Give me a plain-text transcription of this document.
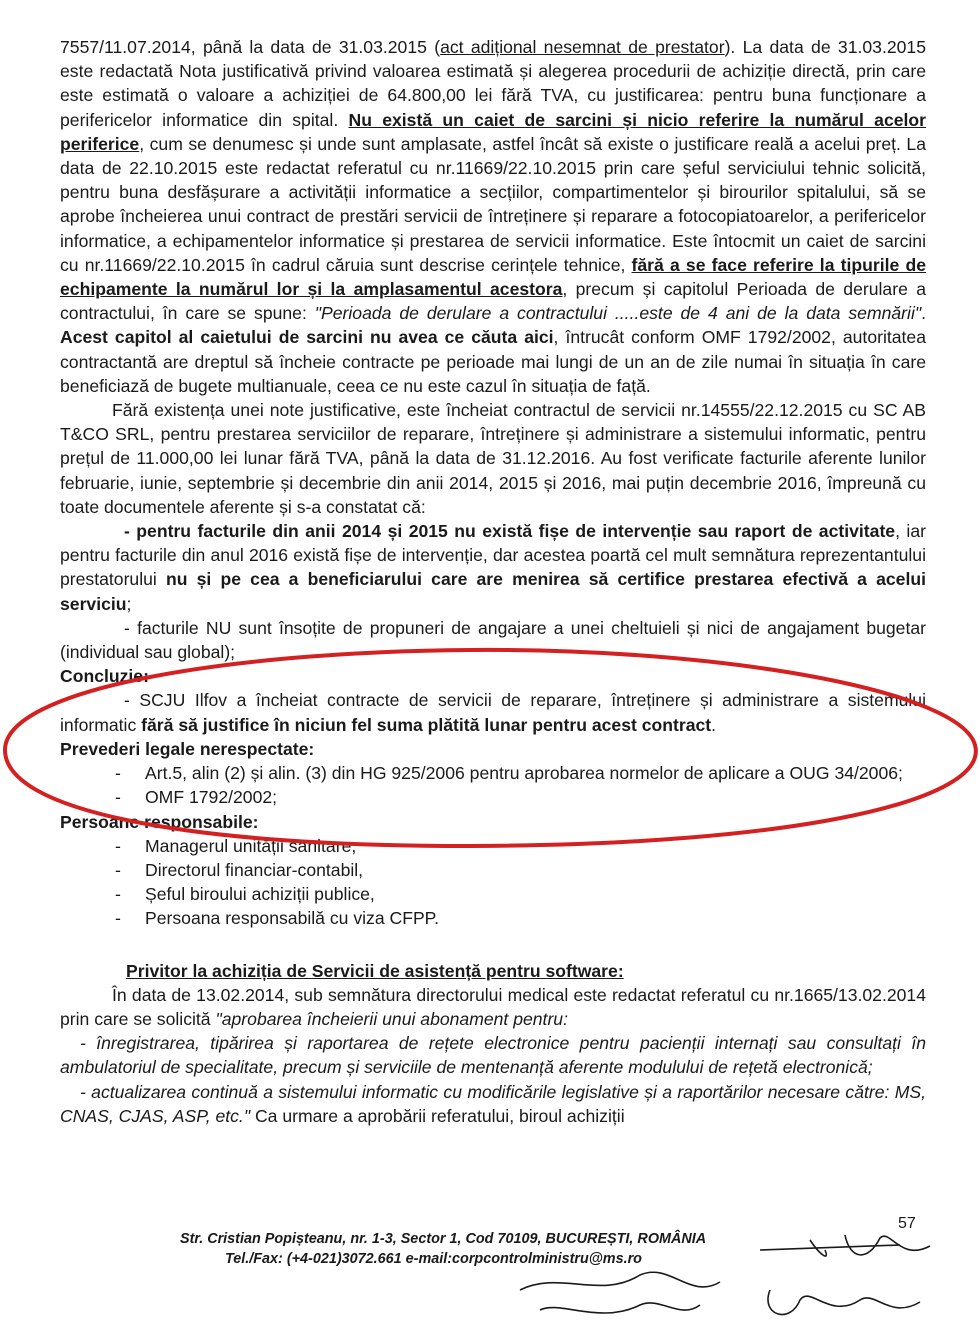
7557/11.07.2014, până la data de 31.03.2015 (act adițional nesemnat de prestator). La data de 31.03.2015 este redactată Nota justificativă privind valoarea estimată și alegerea procedurii de achiziție directă, prin care este estimată o valoare a achiziției de 64.800,00 lei fără TVA, cu justificarea: pentru buna funcționare a perifericelor informatice din spital. Nu există un caiet de sarcini și nicio referire la numărul acelor periferice, cum se denumesc și unde sunt amplasate, astfel încât să existe o justificare reală a acelui preț. La data de 22.10.2015 este redactat referatul cu nr.11669/22.10.2015 prin care șeful serviciului tehnic solicită, pentru buna desfășurare a activității informatice a secțiilor, compartimentelor și birourilor spitalului, să se aprobe încheierea unui contract de prestări servicii de întreținere și reparare a fotocopiatoarelor, a perifericelor informatice, a echipamentelor informatice și prestarea de servicii informatice. Este întocmit un caiet de sarcini cu nr.11669/22.10.2015 în cadrul căruia sunt descrise cerințele tehnice, fără a se face referire la tipurile de echipamente la numărul lor și la amplasamentul acestora, precum și capitolul Perioada de derulare a contractului, în care se spune: "Perioada de derulare a contractului .....este de 4 ani de la data semnării". Acest capitol al caietului de sarcini nu avea ce căuta aici, întrucât conform OMF 1792/2002, autoritatea contractantă are dreptul să încheie contracte pe perioade mai lungi de un an de zile numai în situația în care beneficiază de bugete multianuale, ceea ce nu este cazul în situația de față.

Fără existența unei note justificative, este încheiat contractul de servicii nr.14555/22.12.2015 cu SC AB T&CO SRL, pentru prestarea serviciilor de reparare, întreținere și administrare a sistemului informatic, pentru prețul de 11.000,00 lei lunar fără TVA, până la data de 31.12.2016. Au fost verificate facturile aferente lunilor februarie, iunie, septembrie și decembrie din anii 2014, 2015 și 2016, mai puțin decembrie 2016, împreună cu toate documentele aferente și s-a constatat că:

- pentru facturile din anii 2014 și 2015 nu există fișe de intervenție sau raport de activitate, iar pentru facturile din anul 2016 există fișe de intervenție, dar acestea poartă cel mult semnătura reprezentantului prestatorului nu și pe cea a beneficiarului care are menirea să certifice prestarea efectivă a acelui serviciu;

- facturile NU sunt însoțite de propuneri de angajare a unei cheltuieli și nici de angajament bugetar (individual sau global);

Concluzie:

- SCJU Ilfov a încheiat contracte de servicii de reparare, întreținere și administrare a sistemului informatic fără să justifice în niciun fel suma plătită lunar pentru acest contract.

Prevederi legale nerespectate:

- Art.5, alin (2) și alin. (3) din HG 925/2006 pentru aprobarea normelor de aplicare a OUG 34/2006;
- OMF 1792/2002;

Persoane responsabile:

- Managerul unității sanitare,
- Directorul financiar-contabil,
- Șeful biroului achiziții publice,
- Persoana responsabilă cu viza CFPP.

Privitor la achiziția de Servicii de asistență pentru software:

În data de 13.02.2014, sub semnătura directorului medical este redactat referatul cu nr.1665/13.02.2014 prin care se solicită "aprobarea încheierii unui abonament pentru:

- înregistrarea, tipărirea și raportarea de rețete electronice pentru pacienții internați sau consultați în ambulatoriul de specialitate, precum și serviciile de mentenanță aferente modulului de rețetă electronică;

- actualizarea continuă a sistemului informatic cu modificările legislative și a raportărilor necesare către: MS, CNAS, CJAS, ASP, etc." Ca urmare a aprobării referatului, biroul achiziții

57
Str. Cristian Popișteanu, nr. 1-3, Sector 1, Cod 70109, BUCUREȘTI, ROMÂNIA
Tel./Fax: (+4-021)3072.661 e-mail:corpcontrolministru@ms.ro
